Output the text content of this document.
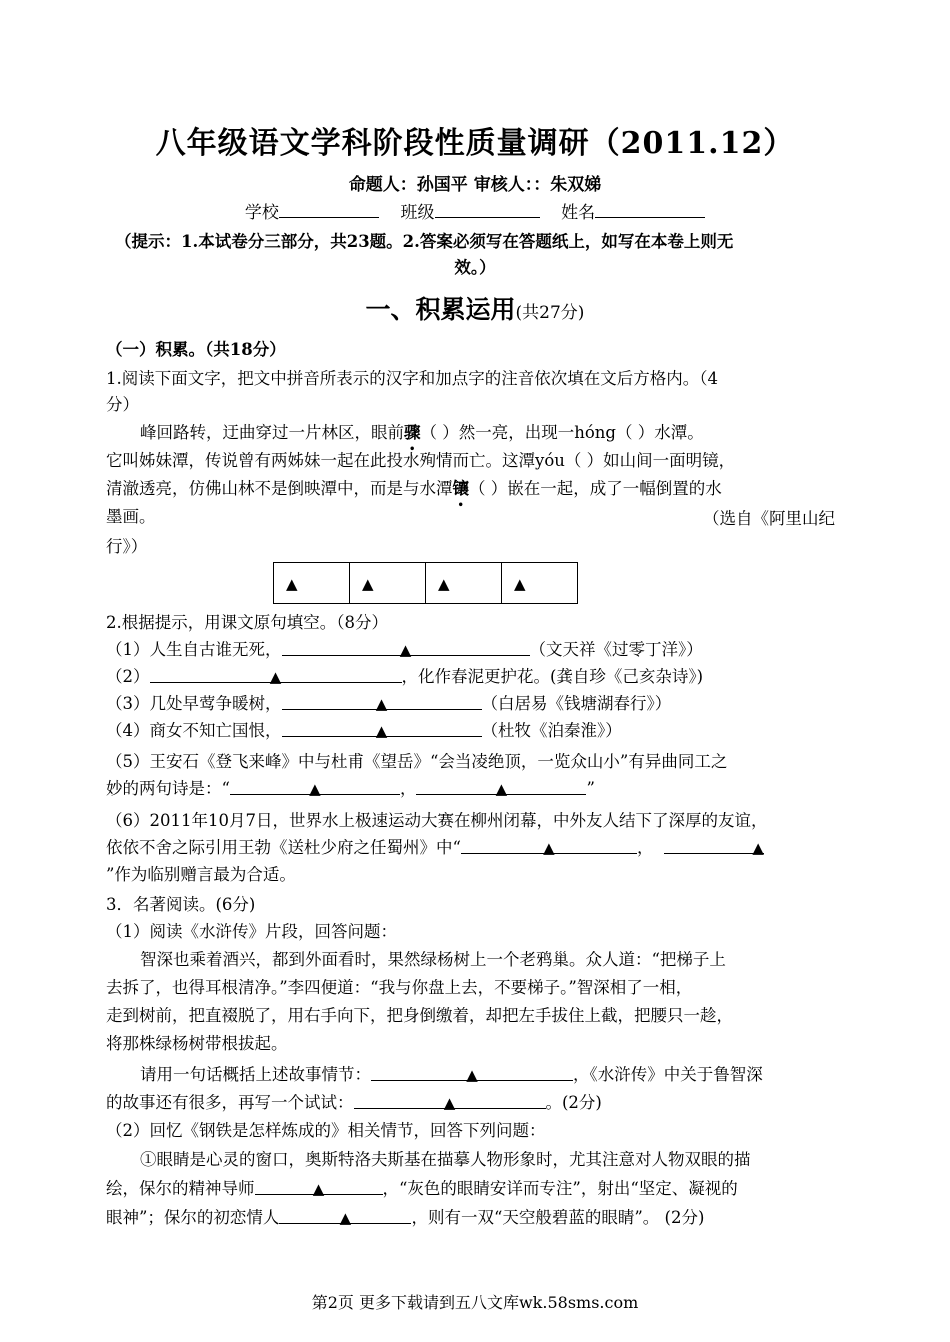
八年级语文学科阶段性质量调研（2011.12）
命题人：孙国平 审核人：：朱双娣
学校	班级	姓名
（提示：1.本试卷分三部分，共23题。2.答案必须写在答题纸上，如写在本卷上则无
效。）
一、积累运用(共27分)
（一）积累。（共18分）
1.阅读下面文字，把文中拼音所表示的汉字和加点字的注音依次填在文后方格内。（4
分）
峰回路转，迂曲穿过一片林区，眼前骤（ ）然一亮，出现一hóng（ ）水潭。
它叫姊妹潭，传说曾有两姊妹一起在此投水殉情而亡。这潭yóu（ ）如山间一面明镜，
清澈透亮，仿佛山林不是倒映潭中，而是与水潭镶（ ）嵌在一起，成了一幅倒置的水
墨画。	（选自《阿里山纪
行》）
▲	▲	▲	▲
2.根据提示，用课文原句填空。（8分）
（1）人生自古谁无死，	▲	（文天祥《过零丁洋》）
（2）	▲	，化作春泥更护花。(龚自珍《己亥杂诗》)
（3）几处早莺争暖树，	▲	（白居易《钱塘湖春行》）
（4）商女不知亡国恨，	▲	（杜牧《泊秦淮》）
（5）王安石《登飞来峰》中与杜甫《望岳》“会当凌绝顶，一览众山小”有异曲同工之
妙的两句诗是：“	▲	，	▲	”
（6）2011年10月7日，世界水上极速运动大赛在柳州闭幕，中外友人结下了深厚的友谊，
依依不舍之际引用王勃《送杜少府之任蜀州》中“	▲	，	▲
”作为临别赠言最为合适。
3．名著阅读。(6分)
（1）阅读《水浒传》片段，回答问题：
智深也乘着酒兴，都到外面看时，果然绿杨树上一个老鸦巢。众人道：“把梯子上
去拆了，也得耳根清净。”李四便道：“我与你盘上去，不要梯子。”智深相了一相，
走到树前，把直裰脱了，用右手向下，把身倒缴着，却把左手拔住上截，把腰只一趁，
将那株绿杨树带根拔起。
请用一句话概括上述故事情节：	▲	，《水浒传》中关于鲁智深
的故事还有很多，再写一个试试：	▲	。(2分)
（2）回忆《钢铁是怎样炼成的》相关情节，回答下列问题：
①眼睛是心灵的窗口，奥斯特洛夫斯基在描摹人物形象时，尤其注意对人物双眼的描
绘，保尔的精神导师	▲	，“灰色的眼睛安详而专注”，射出“坚定、凝视的
眼神”；保尔的初恋情人	▲	，则有一双“天空般碧蓝的眼睛”。 (2分)
第2页 更多下载请到五八文库wk.58sms.com
